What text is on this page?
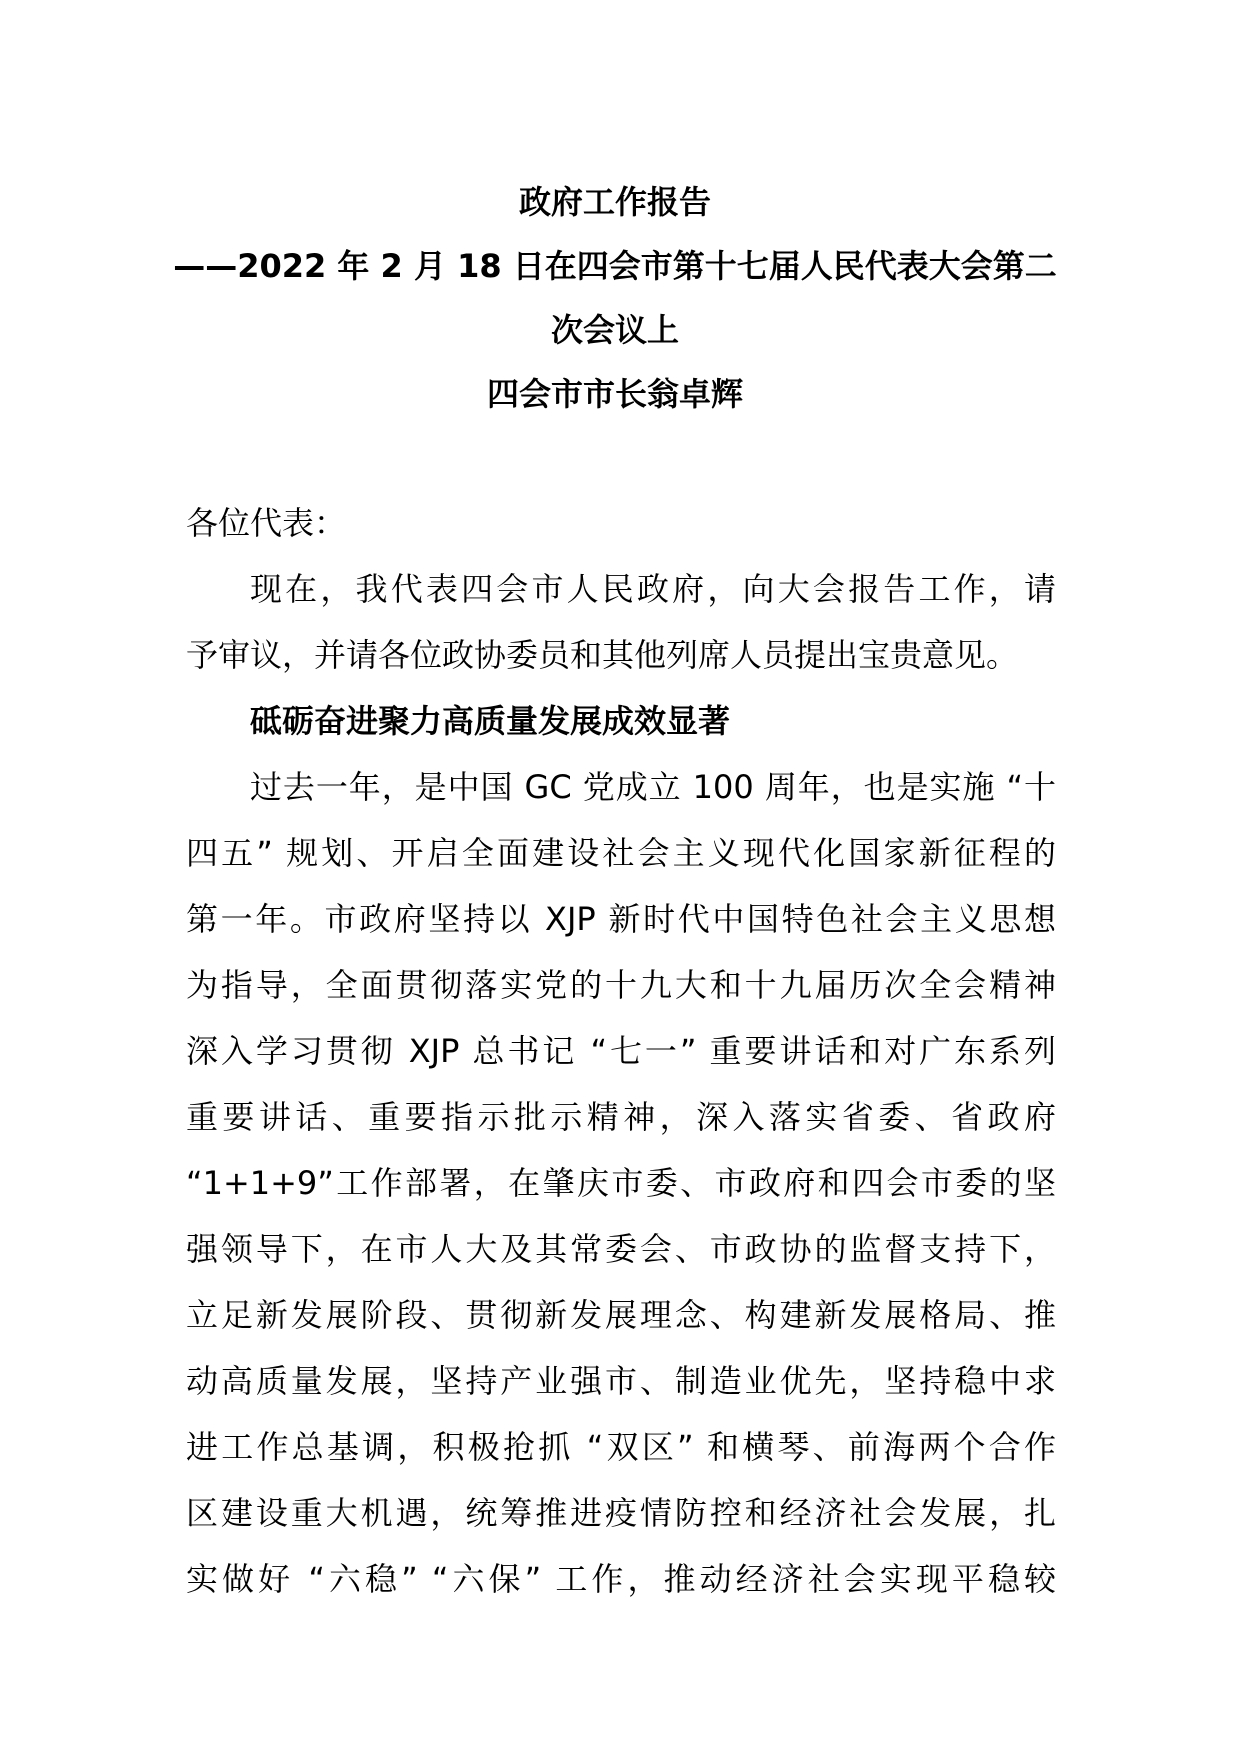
政府工作报告
——2022 年 2 月 18 日在四会市第十七届人民代表大会第二
次会议上
四会市市长翁卓辉
各位代表：
现在，我代表四会市人民政府，向大会报告工作，请
予审议，并请各位政协委员和其他列席人员提出宝贵意见。
砥砺奋进聚力高质量发展成效显著
过去一年，是中国 GC 党成立 100 周年，也是实施 “十
四五” 规划、开启全面建设社会主义现代化国家新征程的
第一年。市政府坚持以 XJP 新时代中国特色社会主义思想
为指导，全面贯彻落实党的十九大和十九届历次全会精神
深入学习贯彻 XJP 总书记 “七一” 重要讲话和对广东系列
重要讲话、重要指示批示精神，深入落实省委、省政府
“1+1+9”工作部署，在肇庆市委、市政府和四会市委的坚
强领导下，在市人大及其常委会、市政协的监督支持下，
立足新发展阶段、贯彻新发展理念、构建新发展格局、推
动高质量发展，坚持产业强市、制造业优先，坚持稳中求
进工作总基调，积极抢抓 “双区” 和横琴、前海两个合作
区建设重大机遇，统筹推进疫情防控和经济社会发展，扎
实做好 “六稳” “六保” 工作，推动经济社会实现平稳较
